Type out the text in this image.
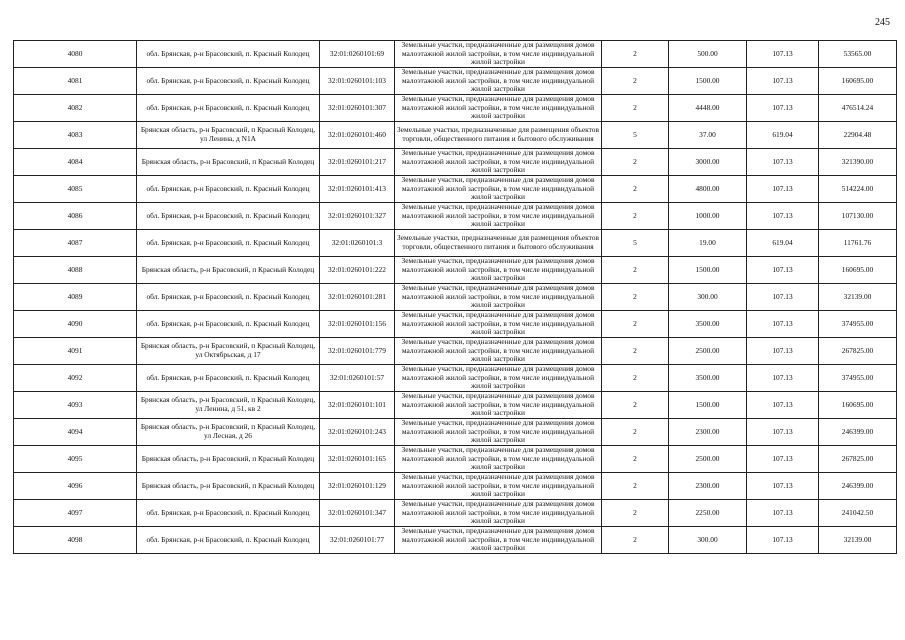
245
4080	обл. Брянская, р-н Брасовский, п. Красный Колодец	32:01:0260101:69	Земельные участки, предназначенные для размещения домов малоэтажной жилой застройки, в том числе индивидуальной жилой застройки	2	500.00	107.13	53565.00
4081	обл. Брянская, р-н Брасовский, п. Красный Колодец	32:01:0260101:103	Земельные участки, предназначенные для размещения домов малоэтажной жилой застройки, в том числе индивидуальной жилой застройки	2	1500.00	107.13	160695.00
4082	обл. Брянская, р-н Брасовский, п. Красный Колодец	32:01:0260101:307	Земельные участки, предназначенные для размещения домов малоэтажной жилой застройки, в том числе индивидуальной жилой застройки	2	4448.00	107.13	476514.24
4083	Брянская область, р-н Брасовский, п Красный Колодец, ул Ленина, д N1А	32:01:0260101:460	Земельные участки, предназначенные для размещения объектов торговли, общественного питания и бытового обслуживания	5	37.00	619.04	22904.48
4084	Брянская область, р-н Брасовский, п Красный Колодец	32:01:0260101:217	Земельные участки, предназначенные для размещения домов малоэтажной жилой застройки, в том числе индивидуальной жилой застройки	2	3000.00	107.13	321390.00
4085	обл. Брянская, р-н Брасовский, п. Красный Колодец	32:01:0260101:413	Земельные участки, предназначенные для размещения домов малоэтажной жилой застройки, в том числе индивидуальной жилой застройки	2	4800.00	107.13	514224.00
4086	обл. Брянская, р-н Брасовский, п. Красный Колодец	32:01:0260101:327	Земельные участки, предназначенные для размещения домов малоэтажной жилой застройки, в том числе индивидуальной жилой застройки	2	1000.00	107.13	107130.00
4087	обл. Брянская, р-н Брасовский, п. Красный Колодец	32:01:0260101:3	Земельные участки, предназначенные для размещения объектов торговли, общественного питания и бытового обслуживания	5	19.00	619.04	11761.76
4088	Брянская область, р-н Брасовский, п Красный Колодец	32:01:0260101:222	Земельные участки, предназначенные для размещения домов малоэтажной жилой застройки, в том числе индивидуальной жилой застройки	2	1500.00	107.13	160695.00
4089	обл. Брянская, р-н Брасовский, п. Красный Колодец	32:01:0260101:281	Земельные участки, предназначенные для размещения домов малоэтажной жилой застройки, в том числе индивидуальной жилой застройки	2	300.00	107.13	32139.00
4090	обл. Брянская, р-н Брасовский, п. Красный Колодец	32:01:0260101:156	Земельные участки, предназначенные для размещения домов малоэтажной жилой застройки, в том числе индивидуальной жилой застройки	2	3500.00	107.13	374955.00
4091	Брянская область, р-н Брасовский, п Красный Колодец, ул Октябрьская, д 17	32:01:0260101:779	Земельные участки, предназначенные для размещения домов малоэтажной жилой застройки, в том числе индивидуальной жилой застройки	2	2500.00	107.13	267825.00
4092	обл. Брянская, р-н Брасовский, п. Красный Колодец	32:01:0260101:57	Земельные участки, предназначенные для размещения домов малоэтажной жилой застройки, в том числе индивидуальной жилой застройки	2	3500.00	107.13	374955.00
4093	Брянская область, р-н Брасовский, п Красный Колодец, ул Ленина, д 51, кв 2	32:01:0260101:101	Земельные участки, предназначенные для размещения домов малоэтажной жилой застройки, в том числе индивидуальной жилой застройки	2	1500.00	107.13	160695.00
4094	Брянская область, р-н Брасовский, п Красный Колодец, ул Лесная, д 26	32:01:0260101:243	Земельные участки, предназначенные для размещения домов малоэтажной жилой застройки, в том числе индивидуальной жилой застройки	2	2300.00	107.13	246399.00
4095	Брянская область, р-н Брасовский, п Красный Колодец	32:01:0260101:165	Земельные участки, предназначенные для размещения домов малоэтажной жилой застройки, в том числе индивидуальной жилой застройки	2	2500.00	107.13	267825.00
4096	Брянская область, р-н Брасовский, п Красный Колодец	32:01:0260101:129	Земельные участки, предназначенные для размещения домов малоэтажной жилой застройки, в том числе индивидуальной жилой застройки	2	2300.00	107.13	246399.00
4097	обл. Брянская, р-н Брасовский, п. Красный Колодец	32:01:0260101:347	Земельные участки, предназначенные для размещения домов малоэтажной жилой застройки, в том числе индивидуальной жилой застройки	2	2250.00	107.13	241042.50
4098	обл. Брянская, р-н Брасовский, п. Красный Колодец	32:01:0260101:77	Земельные участки, предназначенные для размещения домов малоэтажной жилой застройки, в том числе индивидуальной жилой застройки	2	300.00	107.13	32139.00
